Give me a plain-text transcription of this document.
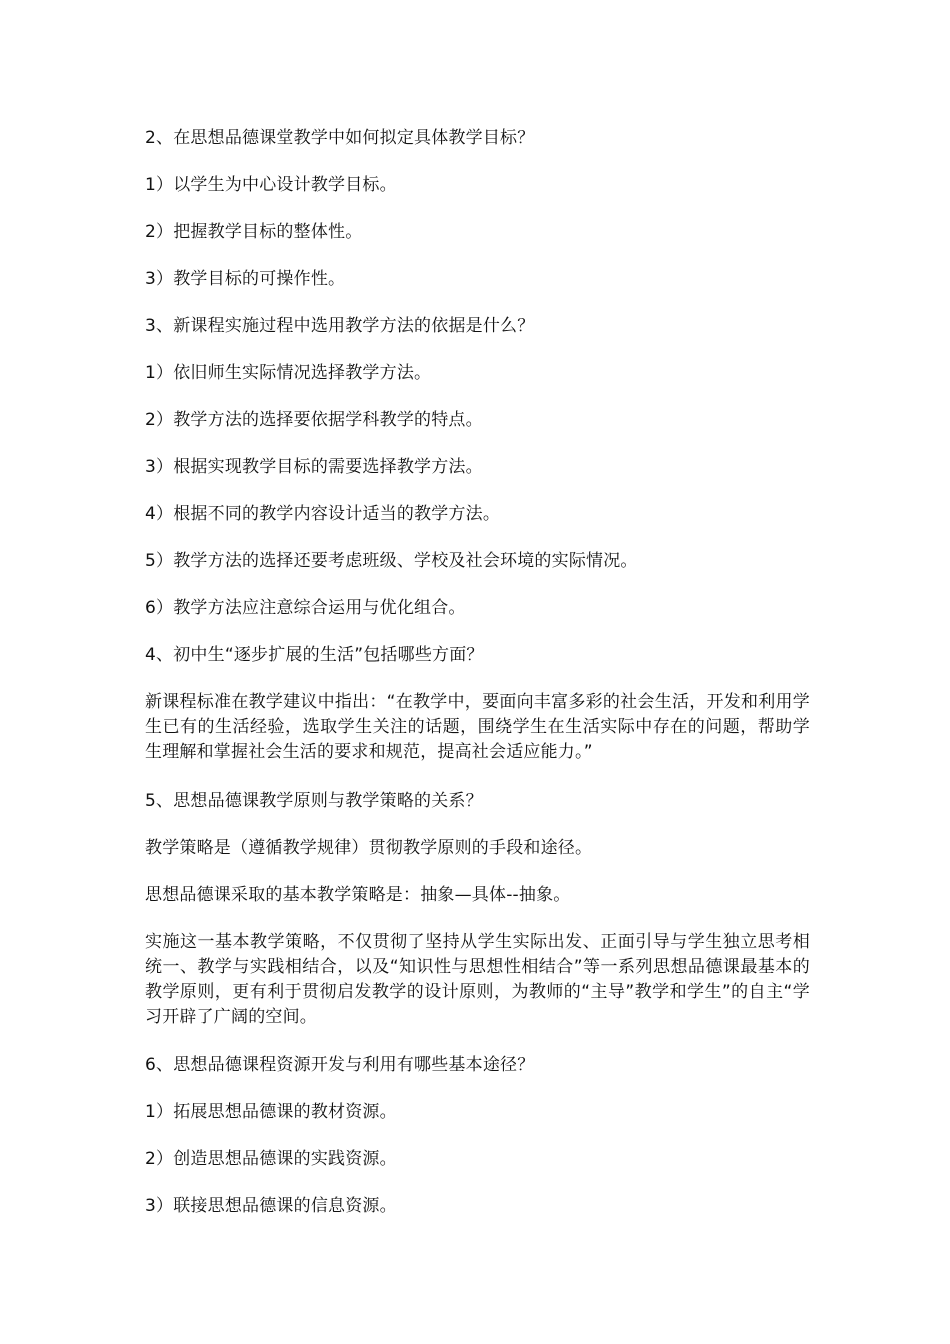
2、在思想品德课堂教学中如何拟定具体教学目标？
1）以学生为中心设计教学目标。
2）把握教学目标的整体性。
3）教学目标的可操作性。
3、新课程实施过程中选用教学方法的依据是什么？
1）依旧师生实际情况选择教学方法。
2）教学方法的选择要依据学科教学的特点。
3）根据实现教学目标的需要选择教学方法。
4）根据不同的教学内容设计适当的教学方法。
5）教学方法的选择还要考虑班级、学校及社会环境的实际情况。
6）教学方法应注意综合运用与优化组合。
4、初中生“逐步扩展的生活”包括哪些方面？
新课程标准在教学建议中指出：“在教学中，要面向丰富多彩的社会生活，开发和利用学生已有的生活经验，选取学生关注的话题，围绕学生在生活实际中存在的问题，帮助学生理解和掌握社会生活的要求和规范，提高社会适应能力。”
5、思想品德课教学原则与教学策略的关系？
教学策略是（遵循教学规律）贯彻教学原则的手段和途径。
思想品德课采取的基本教学策略是：抽象—具体--抽象。
实施这一基本教学策略，不仅贯彻了坚持从学生实际出发、正面引导与学生独立思考相统一、教学与实践相结合，以及“知识性与思想性相结合”等一系列思想品德课最基本的教学原则，更有利于贯彻启发教学的设计原则，为教师的“主导”教学和学生”的自主“学习开辟了广阔的空间。
6、思想品德课程资源开发与利用有哪些基本途径？
1）拓展思想品德课的教材资源。
2）创造思想品德课的实践资源。
3）联接思想品德课的信息资源。
